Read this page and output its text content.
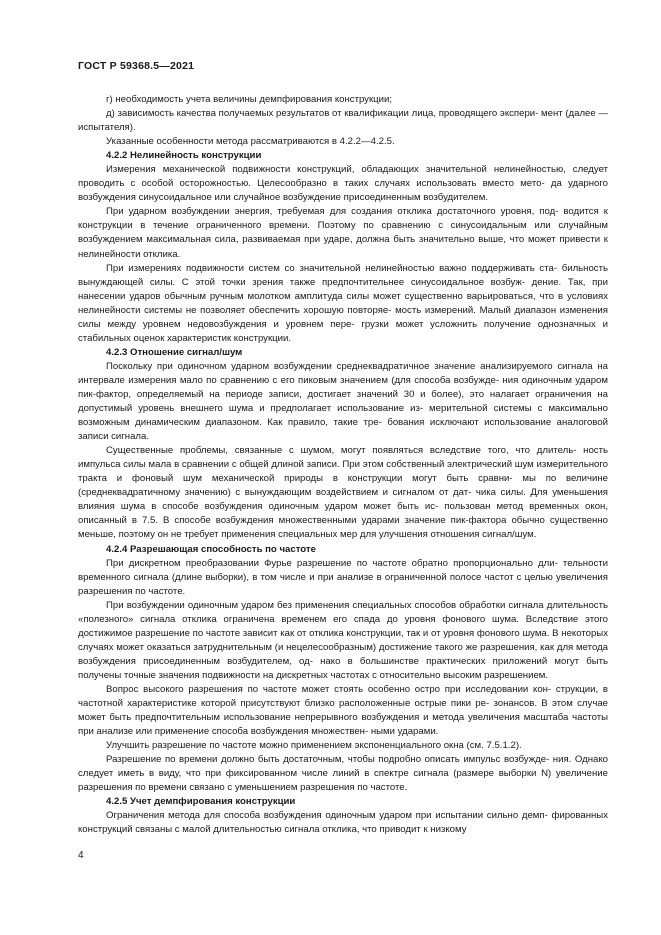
ГОСТ Р 59368.5—2021

г) необходимость учета величины демпфирования конструкции;

д) зависимость качества получаемых результатов от квалификации лица, проводящего экспери- мент (далее — испытателя).

Указанные особенности метода рассматриваются в 4.2.2—4.2.5.

4.2.2 Нелинейность конструкции

Измерения механической подвижности конструкций, обладающих значительной нелинейностью, следует проводить с особой осторожностью. Целесообразно в таких случаях использовать вместо мето- да ударного возбуждения синусоидальное или случайное возбуждение присоединенным возбудителем.

При ударном возбуждении энергия, требуемая для создания отклика достаточного уровня, под- водится к конструкции в течение ограниченного времени. Поэтому по сравнению с синусоидальным или случайным возбуждением максимальная сила, развиваемая при ударе, должна быть значительно выше, что может привести к нелинейности отклика.

При измерениях подвижности систем со значительной нелинейностью важно поддерживать ста- бильность вынуждающей силы. С этой точки зрения также предпочтительнее синусоидальное возбуж- дение. Так, при нанесении ударов обычным ручным молотком амплитуда силы может существенно варьироваться, что в условиях нелинейности системы не позволяет обеспечить хорошую повторяе- мость измерений. Малый диапазон изменения силы между уровнем недовозбуждения и уровнем пере- грузки может усложнить получение однозначных и стабильных оценок характеристик конструкции.

4.2.3 Отношение сигнал/шум

Поскольку при одиночном ударном возбуждении среднеквадратичное значение анализируемого сигнала на интервале измерения мало по сравнению с его пиковым значением (для способа возбужде- ния одиночным ударом пик-фактор, определяемый на периоде записи, достигает значений 30 и более), это налагает ограничения на допустимый уровень внешнего шума и предполагает использование из- мерительной системы с максимально возможным динамическим диапазоном. Как правило, такие тре- бования исключают использование аналоговой записи сигнала.

Существенные проблемы, связанные с шумом, могут появляться вследствие того, что длитель- ность импульса силы мала в сравнении с общей длиной записи. При этом собственный электрический шум измерительного тракта и фоновый шум механической природы в конструкции могут быть сравни- мы по величине (среднеквадратичному значению) с вынуждающим воздействием и сигналом от дат- чика силы. Для уменьшения влияния шума в способе возбуждения одиночным ударом может быть ис- пользован метод временных окон, описанный в 7.5. В способе возбуждения множественными ударами значение пик-фактора обычно существенно меньше, поэтому он не требует применения специальных мер для улучшения отношения сигнал/шум.

4.2.4 Разрешающая способность по частоте

При дискретном преобразовании Фурье разрешение по частоте обратно пропорционально дли- тельности временного сигнала (длине выборки), в том числе и при анализе в ограниченной полосе частот с целью увеличения разрешения по частоте.

При возбуждении одиночным ударом без применения специальных способов обработки сигнала длительность «полезного» сигнала отклика ограничена временем его спада до уровня фонового шума. Вследствие этого достижимое разрешение по частоте зависит как от отклика конструкции, так и от уровня фонового шума. В некоторых случаях может оказаться затруднительным (и нецелесообразным) достижение такого же разрешения, как для метода возбуждения присоединенным возбудителем, од- нако в большинстве практических приложений могут быть получены точные значения подвижности на дискретных частотах с относительно высоким разрешением.

Вопрос высокого разрешения по частоте может стоять особенно остро при исследовании кон- струкции, в частотной характеристике которой присутствуют близко расположенные острые пики ре- зонансов. В этом случае может быть предпочтительным использование непрерывного возбуждения и метода увеличения масштаба частоты при анализе или применение способа возбуждения множествен- ными ударами.

Улучшить разрешение по частоте можно применением экспоненциального окна (см. 7.5.1.2).

Разрешение по времени должно быть достаточным, чтобы подробно описать импульс возбужде- ния. Однако следует иметь в виду, что при фиксированном числе линий в спектре сигнала (размере выборки N) увеличение разрешения по времени связано с уменьшением разрешения по частоте.

4.2.5 Учет демпфирования конструкции

Ограничения метода для способа возбуждения одиночным ударом при испытании сильно демп- фированных конструкций связаны с малой длительностью сигнала отклика, что приводит к низкому

4
